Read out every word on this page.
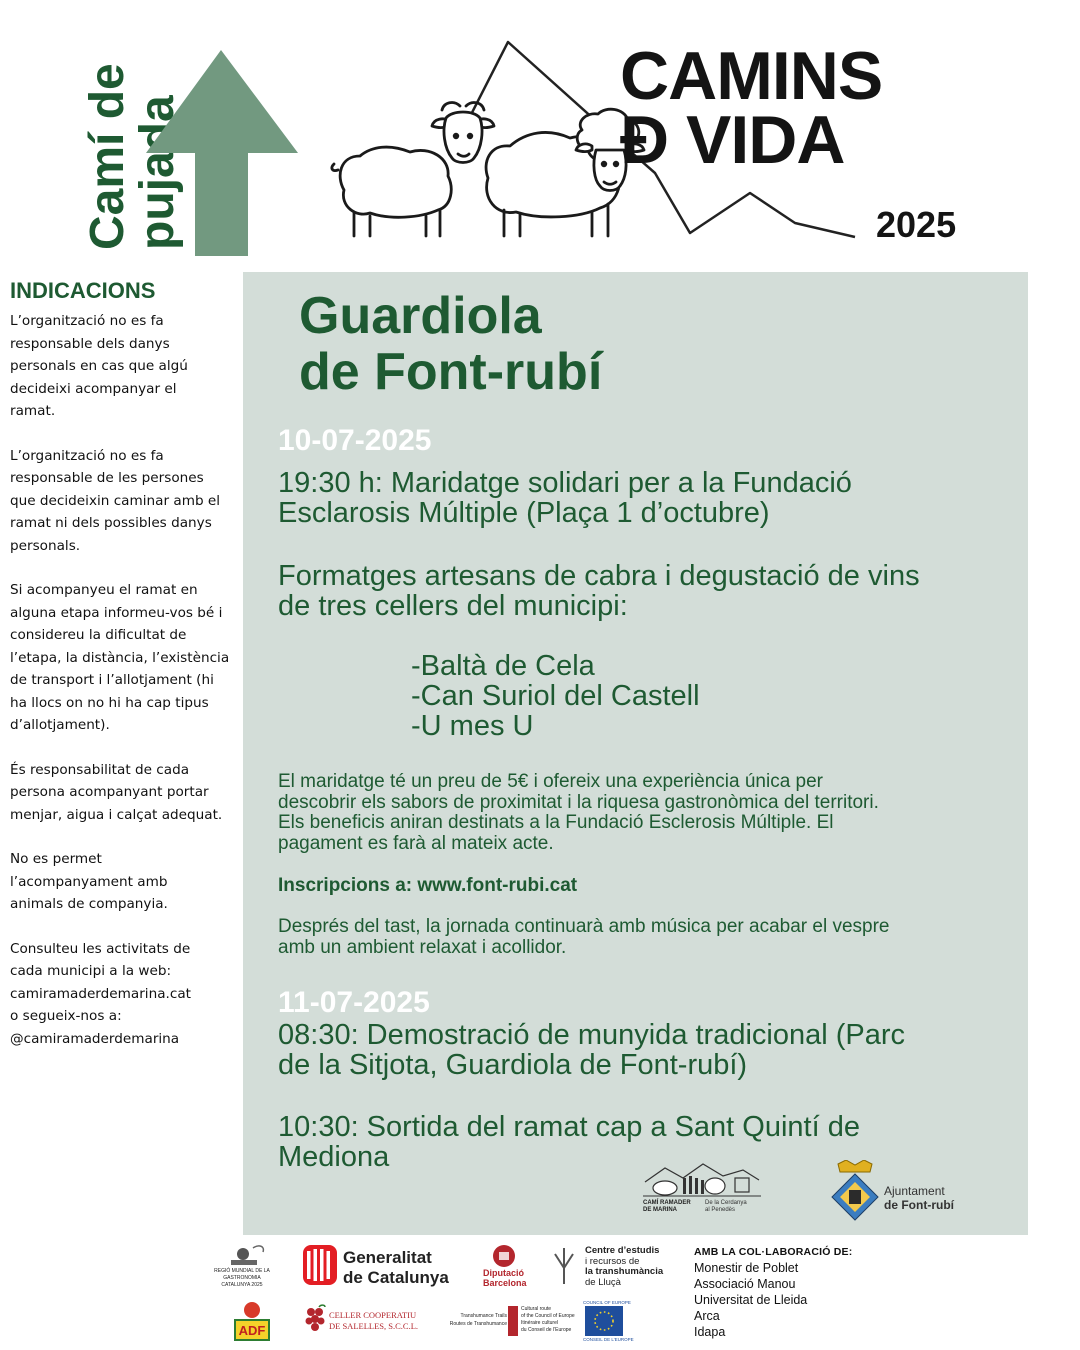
Camí de
pujada
CAMINS
Đ VIDA
2025
INDICACIONS
L’organització no es fa
responsable dels danys
personals en cas que algú
decideixi acompanyar el
ramat.
L’organització no es fa
responsable de les persones
que decideixin caminar amb el
ramat ni dels possibles danys
personals.
Si acompanyeu el ramat en
alguna etapa informeu-vos bé i
considereu la dificultat de
l’etapa, la distància, l’existència
de transport i l’allotjament (hi
ha llocs on no hi ha cap tipus
d’allotjament).
És responsabilitat de cada
persona acompanyant portar
menjar, aigua i calçat adequat.
No es permet
l’acompanyament amb
animals de companyia.
Consulteu les activitats de
cada municipi a la web:
camiramaderdemarina.cat
o segueix-nos a:
@camiramaderdemarina
Guardiola
de Font-rubí
10-07-2025
19:30 h: Maridatge solidari per a la Fundació
Esclarosis Múltiple (Plaça 1 d’octubre)
Formatges artesans de cabra i degustació de vins
de tres cellers del municipi:
-Baltà de Cela
-Can Suriol del Castell
-U mes U
El maridatge té un preu de 5€ i ofereix una experiència única per
descobrir els sabors de proximitat i la riquesa gastronòmica del territori.
Els beneficis aniran destinats a la Fundació Esclerosis Múltiple. El
pagament es farà al mateix acte.
Inscripcions a: www.font-rubi.cat
Després del tast, la jornada continuarà amb música per acabar el vespre
amb un ambient relaxat i acollidor.
11-07-2025
08:30: Demostració de munyida tradicional (Parc
de la Sitjota, Guardiola de Font-rubí)
10:30: Sortida del ramat cap a Sant Quintí de
Mediona
CAMÍ RAMADER
DE MARINA
De la Cerdanya
al Penedès
Ajuntament
de Font-rubí
REGIÓ MUNDIAL DE LA GASTRONOMIA
CATALUNYA 2025
Generalitat
de Catalunya	Diputació
Barcelona
Centre d’estudis
i recursos de
la transhumància
de Lluçà
ADF
CELLER COOPERATIU
DE SALELLES, S.C.C.L.
Transhumance Trails
Routes de Transhumance
Cultural route
of the Council of Europe
Itinéraire culturel
du Conseil de l’Europe
COUNCIL OF EUROPE
CONSEIL DE L’EUROPE
AMB LA COL·LABORACIÓ DE:
Monestir de Poblet
Associació Manou
Universitat de Lleida
Arca
Idapa
